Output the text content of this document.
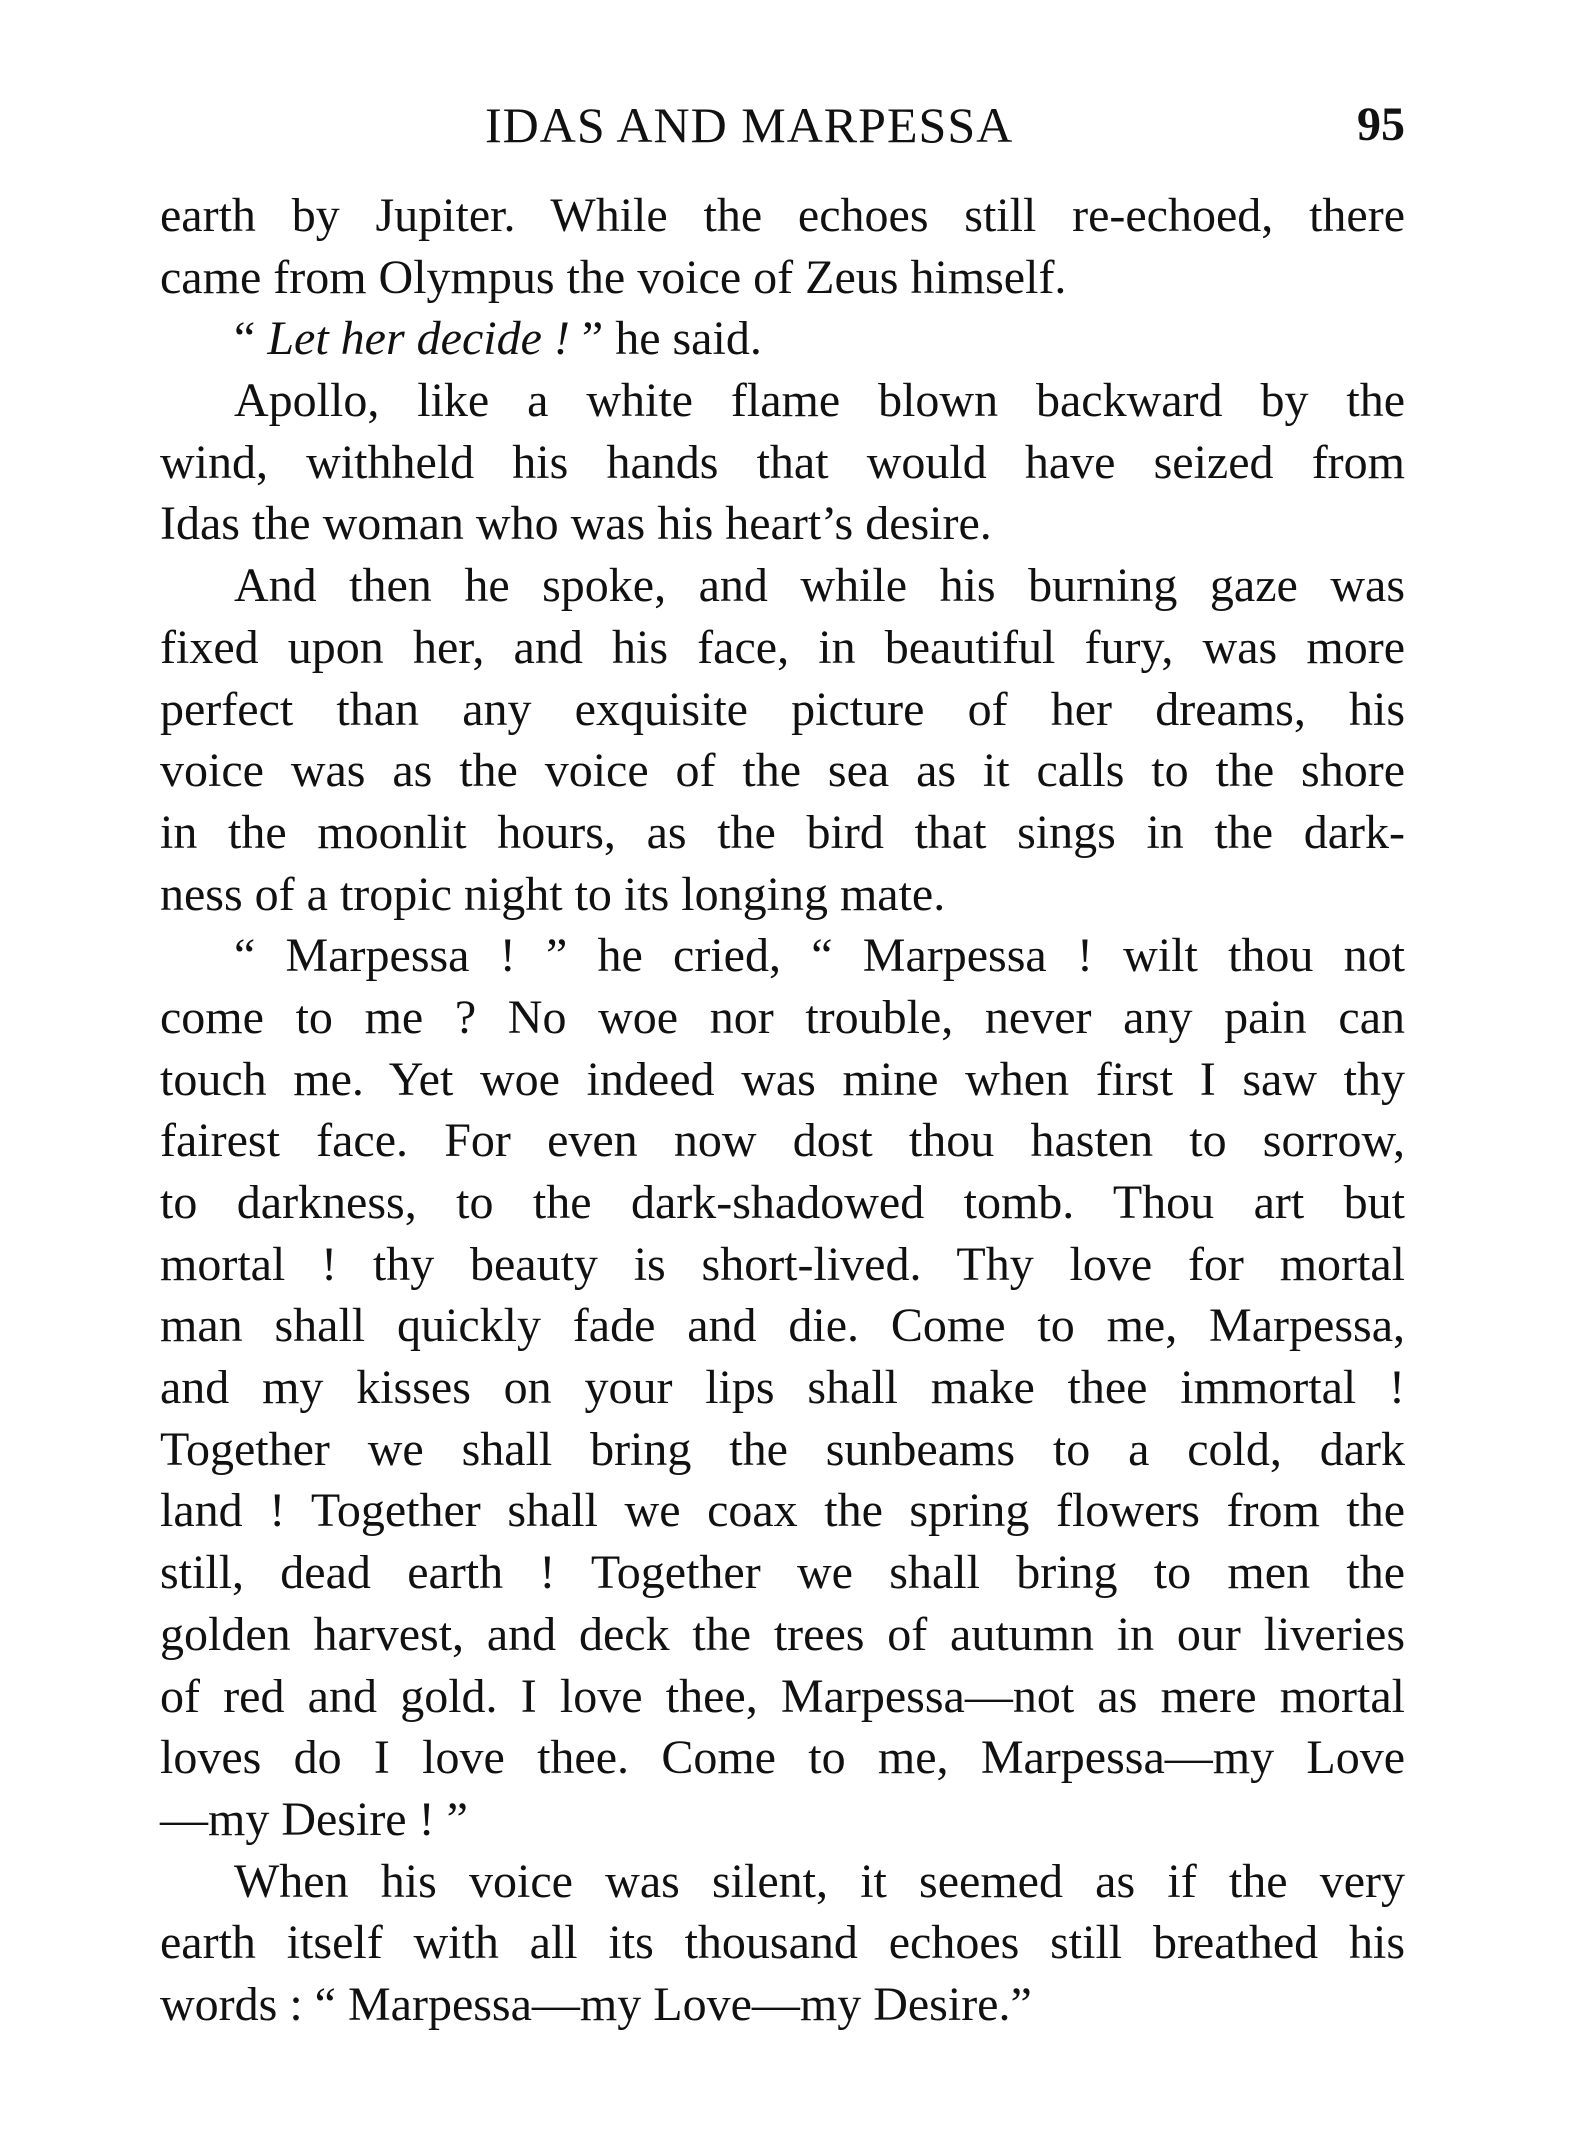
IDAS AND MARPESSA	95
earth by Jupiter. While the echoes still re-echoed, there
came from Olympus the voice of Zeus himself.
“ Let her decide ! ” he said.
Apollo, like a white flame blown backward by the
wind, withheld his hands that would have seized from
Idas the woman who was his heart’s desire.
And then he spoke, and while his burning gaze was
fixed upon her, and his face, in beautiful fury, was more
perfect than any exquisite picture of her dreams, his
voice was as the voice of the sea as it calls to the shore
in the moonlit hours, as the bird that sings in the dark-
ness of a tropic night to its longing mate.
“ Marpessa ! ” he cried, “ Marpessa ! wilt thou not
come to me ? No woe nor trouble, never any pain can
touch me. Yet woe indeed was mine when first I saw thy
fairest face. For even now dost thou hasten to sorrow,
to darkness, to the dark-shadowed tomb. Thou art but
mortal ! thy beauty is short-lived. Thy love for mortal
man shall quickly fade and die. Come to me, Marpessa,
and my kisses on your lips shall make thee immortal !
Together we shall bring the sunbeams to a cold, dark
land ! Together shall we coax the spring flowers from the
still, dead earth ! Together we shall bring to men the
golden harvest, and deck the trees of autumn in our liveries
of red and gold. I love thee, Marpessa—not as mere mortal
loves do I love thee. Come to me, Marpessa—my Love
—my Desire ! ”
When his voice was silent, it seemed as if the very
earth itself with all its thousand echoes still breathed his
words : “ Marpessa—my Love—my Desire.”
